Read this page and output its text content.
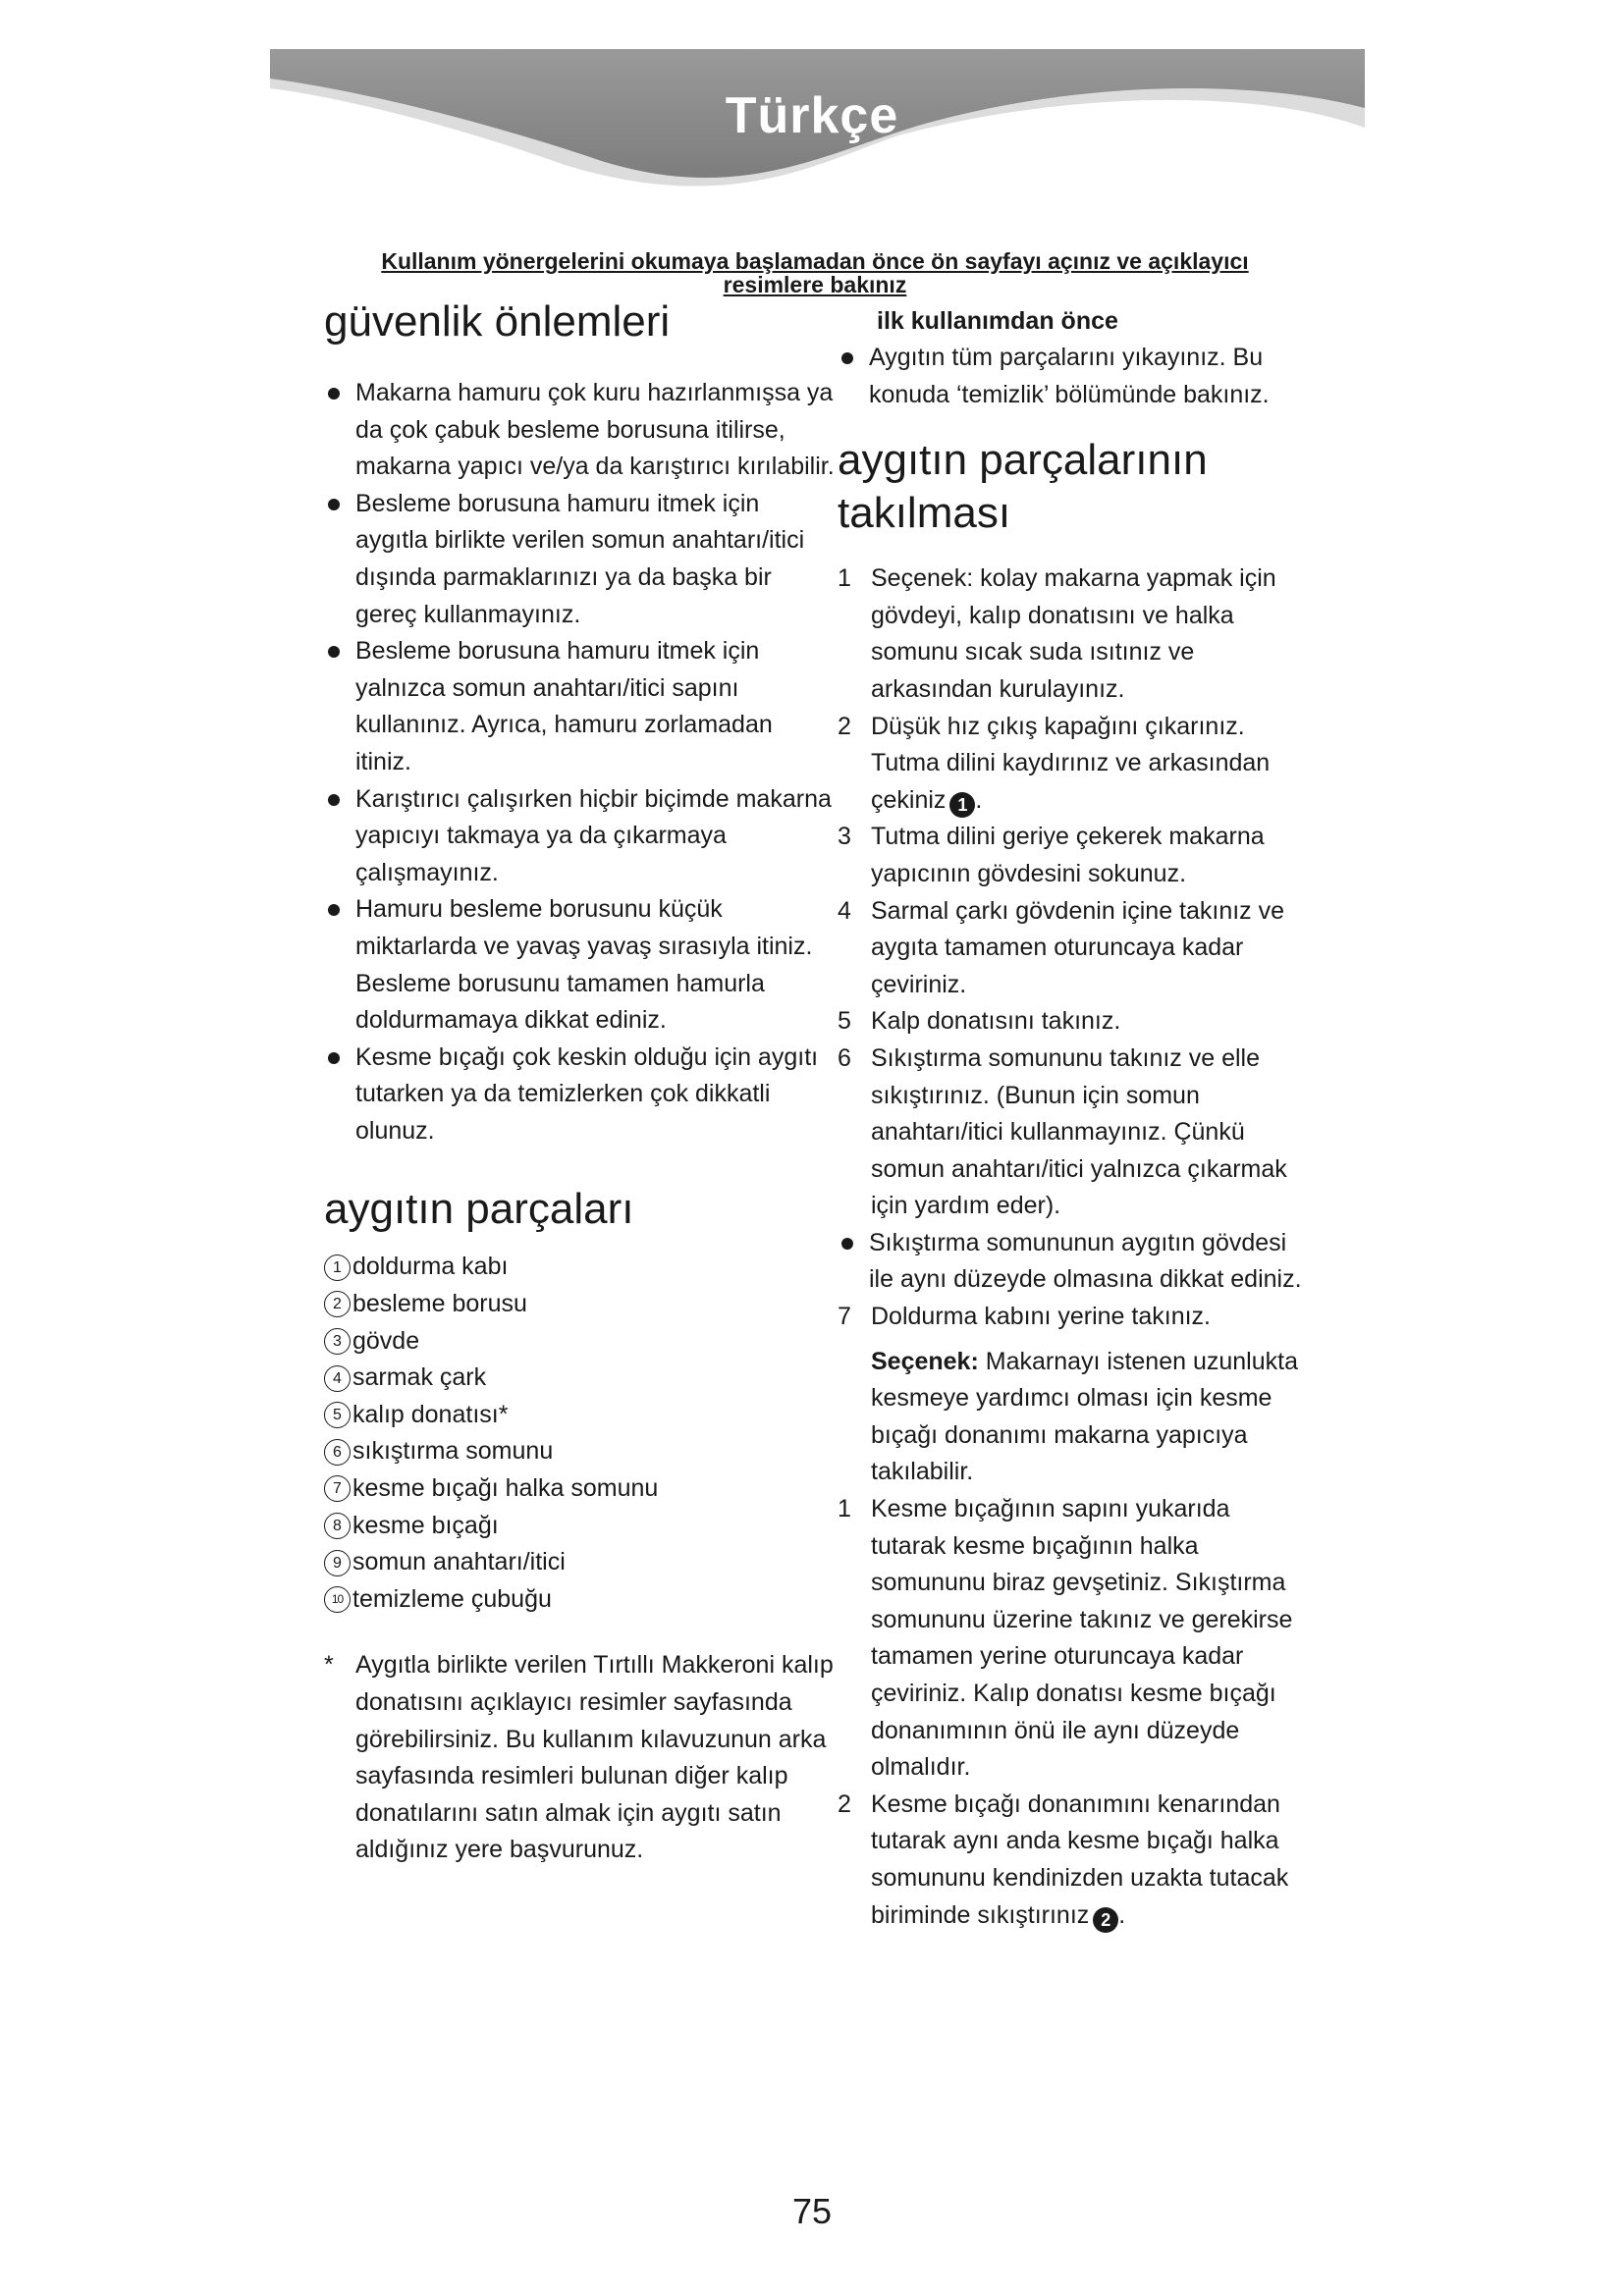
Türkçe
Kullanım yönergelerini okumaya başlamadan önce ön sayfayı açınız ve açıklayıcı resimlere bakınız
güvenlik önlemleri
Makarna hamuru çok kuru hazırlanmışsa ya da çok çabuk besleme borusuna itilirse, makarna yapıcı ve/ya da karıştırıcı kırılabilir.
Besleme borusuna hamuru itmek için aygıtla birlikte verilen somun anahtarı/itici dışında parmaklarınızı ya da başka bir gereç kullanmayınız.
Besleme borusuna hamuru itmek için yalnızca somun anahtarı/itici sapını kullanınız. Ayrıca, hamuru zorlamadan itiniz.
Karıştırıcı çalışırken hiçbir biçimde makarna yapıcıyı takmaya ya da çıkarmaya çalışmayınız.
Hamuru besleme borusunu küçük miktarlarda ve yavaş yavaş sırasıyla itiniz. Besleme borusunu tamamen hamurla doldurmamaya dikkat ediniz.
Kesme bıçağı çok keskin olduğu için aygıtı tutarken ya da temizlerken çok dikkatli olunuz.
aygıtın parçaları
1 doldurma kabı
2 besleme borusu
3 gövde
4 sarmak çark
5 kalıp donatısı*
6 sıkıştırma somunu
7 kesme bıçağı halka somunu
8 kesme bıçağı
9 somun anahtarı/itici
10 temizleme çubuğu
* Aygıtla birlikte verilen Tırtıllı Makkeroni kalıp donatısını açıklayıcı resimler sayfasında görebilirsiniz. Bu kullanım kılavuzunun arka sayfasında resimleri bulunan diğer kalıp donatılarını satın almak için aygıtı satın aldığınız yere başvurunuz.
ilk kullanımdan önce
Aygıtın tüm parçalarını yıkayınız. Bu konuda ‘temizlik’ bölümünde bakınız.
aygıtın parçalarının
takılması
1 Seçenek: kolay makarna yapmak için gövdeyi, kalıp donatısını ve halka somunu sıcak suda ısıtınız ve arkasından kurulayınız.
2 Düşük hız çıkış kapağını çıkarınız. Tutma dilini kaydırınız ve arkasından çekiniz 1 .
3 Tutma dilini geriye çekerek makarna yapıcının gövdesini sokunuz.
4 Sarmal çarkı gövdenin içine takınız ve aygıta tamamen oturuncaya kadar çeviriniz.
5 Kalp donatısını takınız.
6 Sıkıştırma somununu takınız ve elle sıkıştırınız. (Bunun için somun anahtarı/itici kullanmayınız. Çünkü somun anahtarı/itici yalnızca çıkarmak için yardım eder).
Sıkıştırma somununun aygıtın gövdesi ile aynı düzeyde olmasına dikkat ediniz.
7 Doldurma kabını yerine takınız.
Seçenek: Makarnayı istenen uzunlukta kesmeye yardımcı olması için kesme bıçağı donanımı makarna yapıcıya takılabilir.
1 Kesme bıçağının sapını yukarıda tutarak kesme bıçağının halka somununu biraz gevşetiniz. Sıkıştırma somununu üzerine takınız ve gerekirse tamamen yerine oturuncaya kadar çeviriniz. Kalıp donatısı kesme bıçağı donanımının önü ile aynı düzeyde olmalıdır.
2 Kesme bıçağı donanımını kenarından tutarak aynı anda kesme bıçağı halka somununu kendinizden uzakta tutacak biriminde sıkıştırınız 2 .
75
